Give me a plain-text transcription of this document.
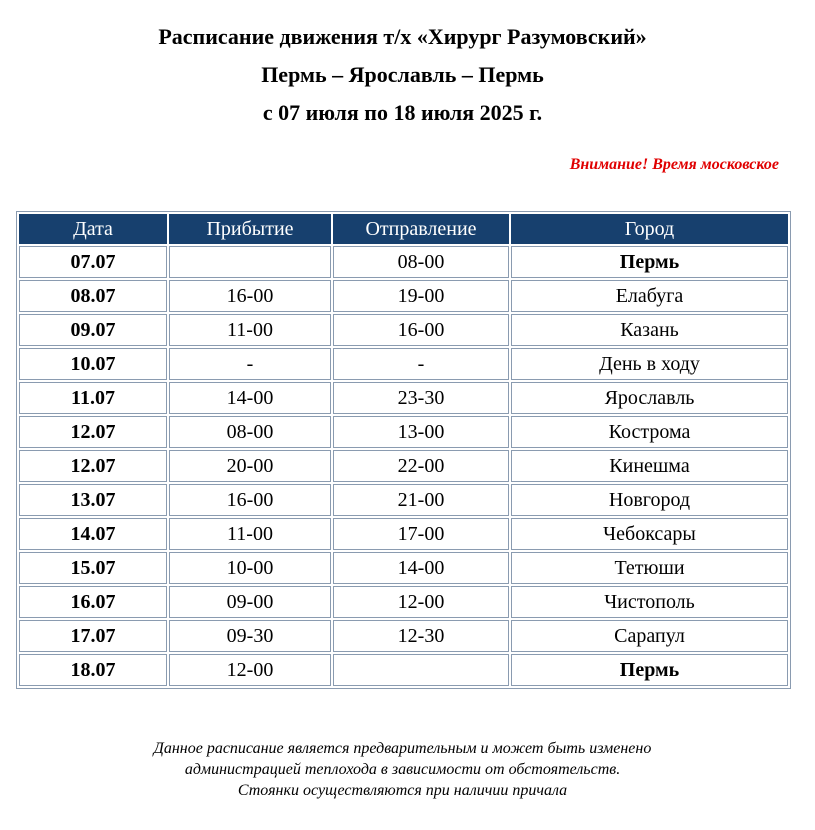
Расписание движения т/х «Хирург Разумовский»
Пермь – Ярославль – Пермь
с 07 июля по 18 июля 2025 г.
Внимание! Время московское
Дата	Прибытие	Отправление	Город
07.07		08-00	Пермь
08.07	16-00	19-00	Елабуга
09.07	11-00	16-00	Казань
10.07	-	-	День в ходу
11.07	14-00	23-30	Ярославль
12.07	08-00	13-00	Кострома
12.07	20-00	22-00	Кинешма
13.07	16-00	21-00	Новгород
14.07	11-00	17-00	Чебоксары
15.07	10-00	14-00	Тетюши
16.07	09-00	12-00	Чистополь
17.07	09-30	12-30	Сарапул
18.07	12-00		Пермь
Данное расписание является предварительным и может быть изменено
администрацией теплохода в зависимости от обстоятельств.
Стоянки осуществляются при наличии причала
